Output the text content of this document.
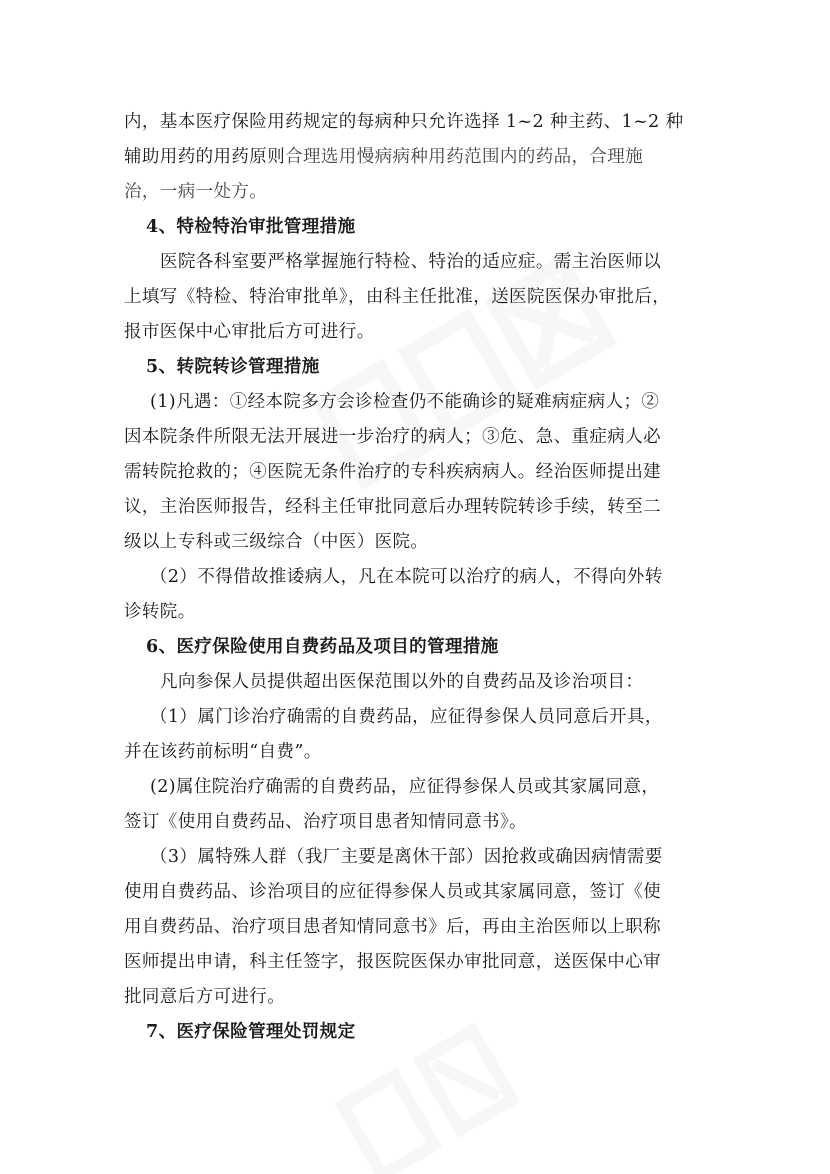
内，基本医疗保险用药规定的每病种只允许选择 1~2 种主药、1~2 种

辅助用药的用药原则合理选用慢病病种用药范围内的药品，合理施

治，一病一处方。

4、特检特治审批管理措施

医院各科室要严格掌握施行特检、特治的适应症。需主治医师以

上填写《特检、特治审批单》，由科主任批准，送医院医保办审批后，

报市医保中心审批后方可进行。

5、转院转诊管理措施

(1)凡遇：①经本院多方会诊检查仍不能确诊的疑难病症病人；②

因本院条件所限无法开展进一步治疗的病人；③危、急、重症病人必

需转院抢救的；④医院无条件治疗的专科疾病病人。经治医师提出建

议，主治医师报告，经科主任审批同意后办理转院转诊手续，转至二

级以上专科或三级综合（中医）医院。

（2）不得借故推诿病人，凡在本院可以治疗的病人，不得向外转

诊转院。

6、医疗保险使用自费药品及项目的管理措施

凡向参保人员提供超出医保范围以外的自费药品及诊治项目：

（1）属门诊治疗确需的自费药品，应征得参保人员同意后开具，

并在该药前标明“自费”。

(2)属住院治疗确需的自费药品，应征得参保人员或其家属同意，

签订《使用自费药品、治疗项目患者知情同意书》。

（3）属特殊人群（我厂主要是离休干部）因抢救或确因病情需要

使用自费药品、诊治项目的应征得参保人员或其家属同意，签订《使

用自费药品、治疗项目患者知情同意书》后，再由主治医师以上职称

医师提出申请，科主任签字，报医院医保办审批同意，送医保中心审

批同意后方可进行。

7、医疗保险管理处罚规定
